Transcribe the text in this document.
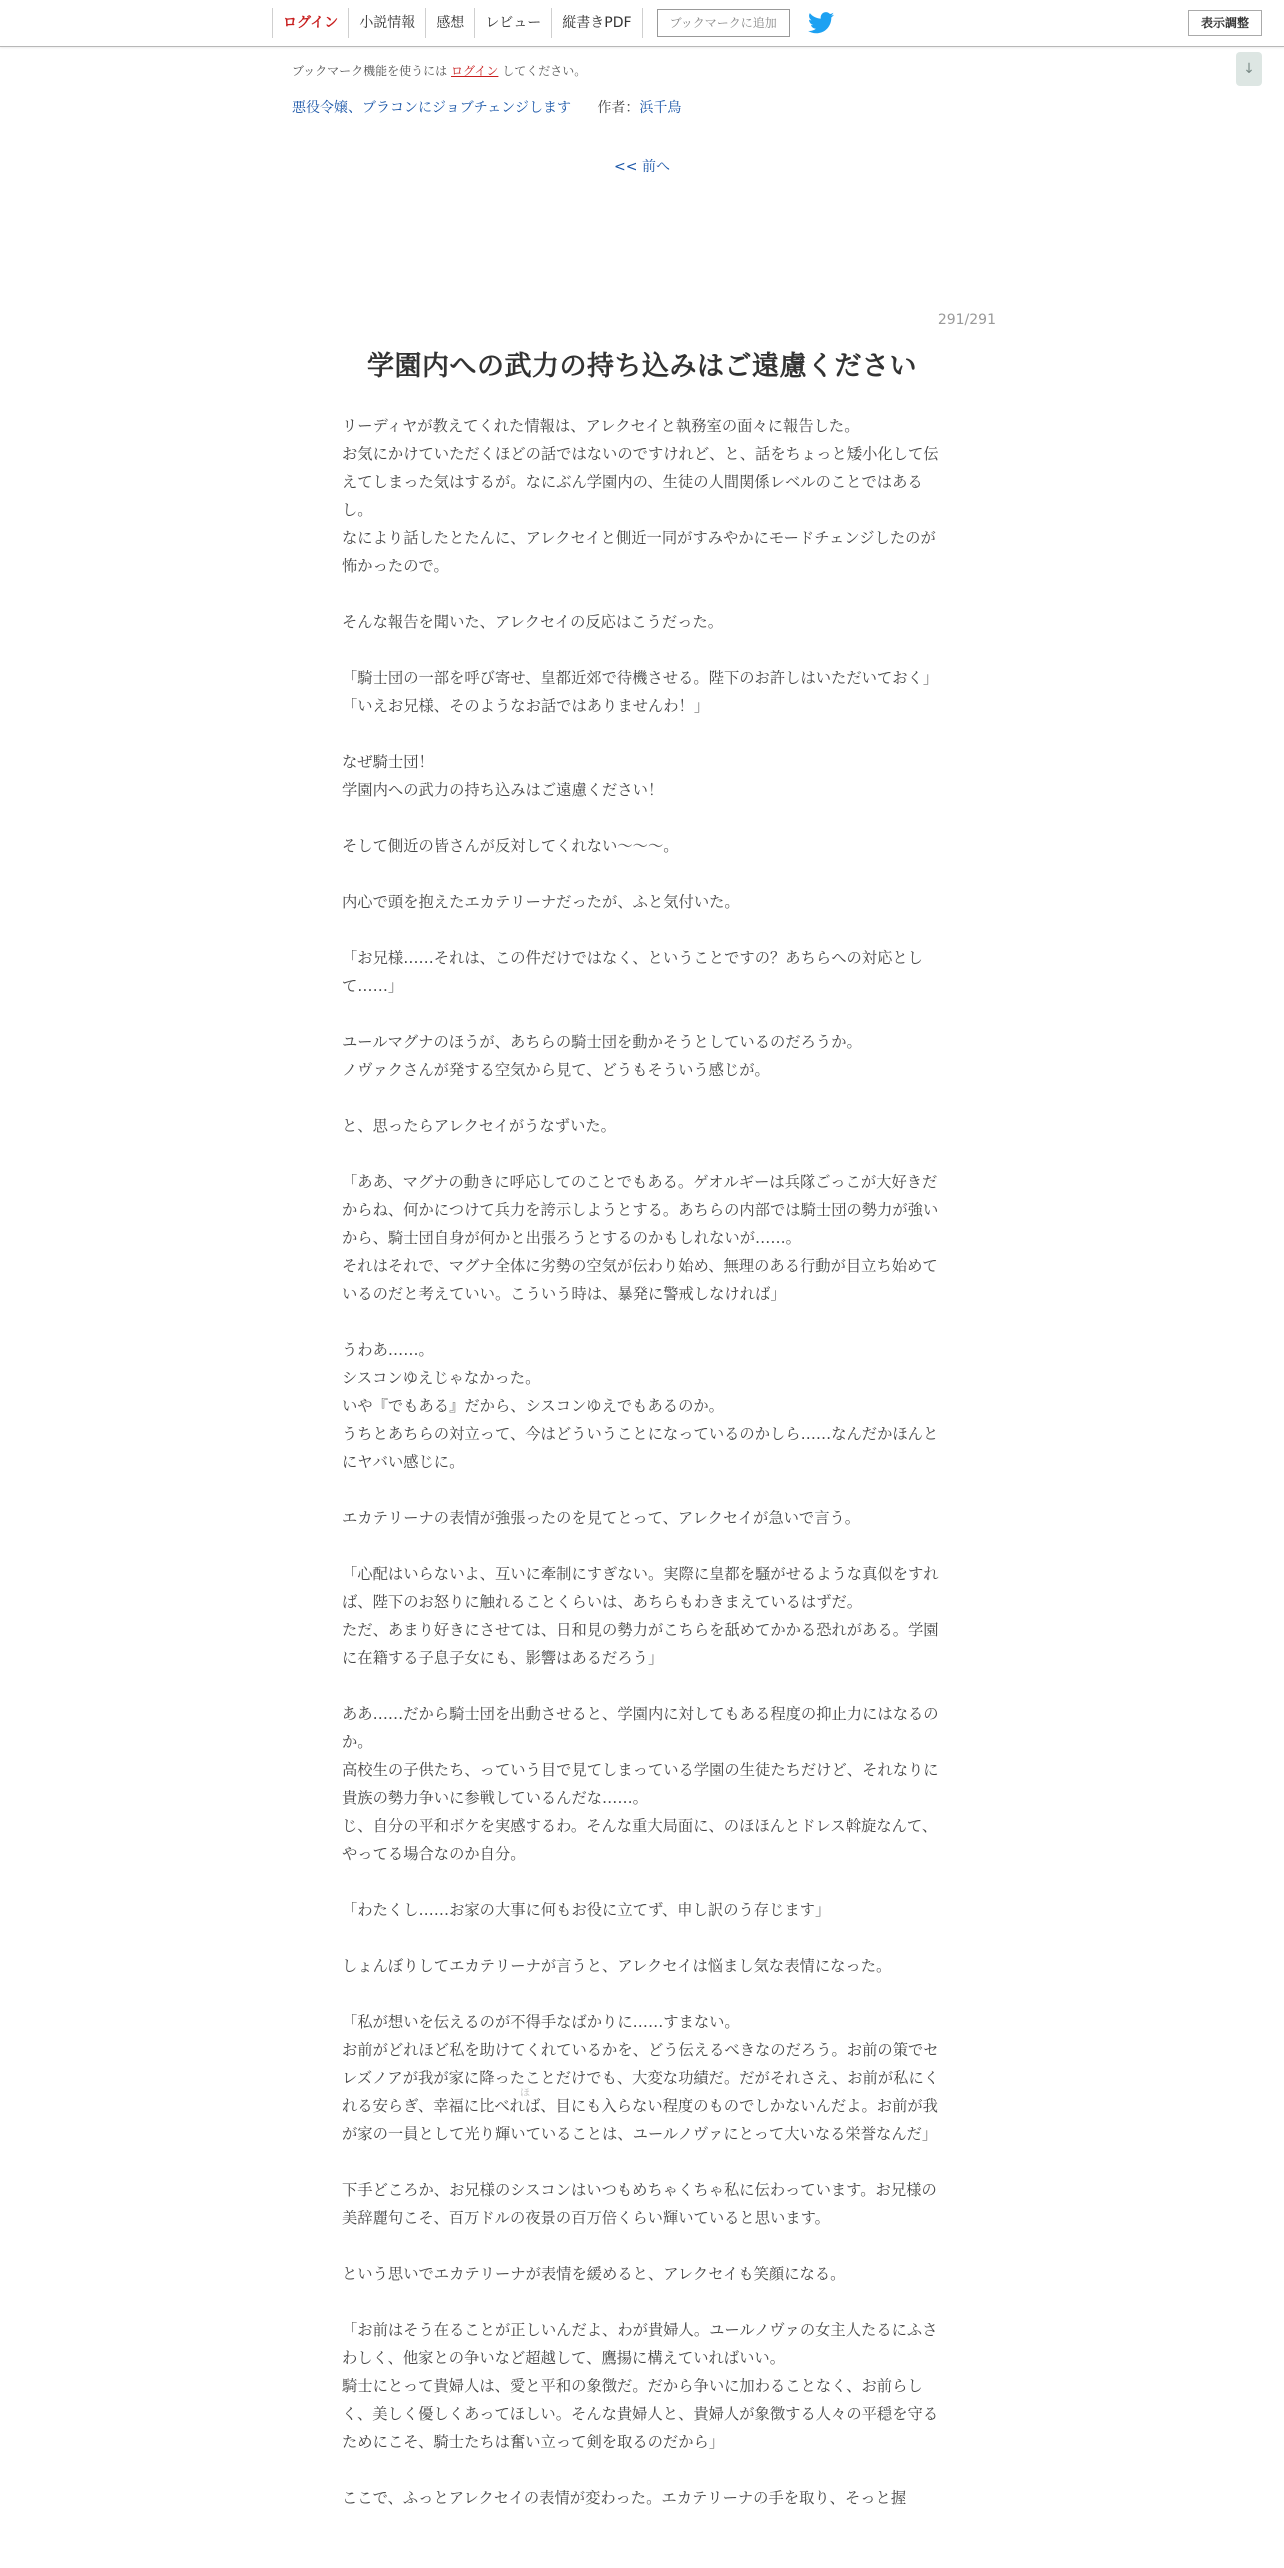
ログイン	小説情報	感想	レビュー	縦書きPDF	ブックマークに追加	表示調整
↓
ブックマーク機能を使うには ログイン してください。
悪役令嬢、ブラコンにジョブチェンジします 作者：浜千鳥
<< 前へ
291/291
学園内への武力の持ち込みはご遠慮ください

リーディヤが教えてくれた情報は、アレクセイと執務室の面々に報告した。

お気にかけていただくほどの話ではないのですけれど、と、話をちょっと矮小化して伝えてしまった気はするが。なにぶん学園内の、生徒の人間関係レベルのことではあるし。

なにより話したとたんに、アレクセイと側近一同がすみやかにモードチェンジしたのが怖かったので。

そんな報告を聞いた、アレクセイの反応はこうだった。

「騎士団の一部を呼び寄せ、皇都近郊で待機させる。陛下のお許しはいただいておく」

「いえお兄様、そのようなお話ではありませんわ！」

なぜ騎士団！

学園内への武力の持ち込みはご遠慮ください！

そして側近の皆さんが反対してくれない〜〜〜。

内心で頭を抱えたエカテリーナだったが、ふと気付いた。

「お兄様……それは、この件だけではなく、ということですの？あちらへの対応として……」

ユールマグナのほうが、あちらの騎士団を動かそうとしているのだろうか。

ノヴァクさんが発する空気から見て、どうもそういう感じが。

と、思ったらアレクセイがうなずいた。

「ああ、マグナの動きに呼応してのことでもある。ゲオルギーは兵隊ごっこが大好きだからね、何かにつけて兵力を誇示しようとする。あちらの内部では騎士団の勢力が強いから、騎士団自身が何かと出張ろうとするのかもしれないが……。

それはそれで、マグナ全体に劣勢の空気が伝わり始め、無理のある行動が目立ち始めているのだと考えていい。こういう時は、暴発に警戒しなければ」

うわあ……。

シスコンゆえじゃなかった。

いや『でもある』だから、シスコンゆえでもあるのか。

うちとあちらの対立って、今はどういうことになっているのかしら……なんだかほんとにヤバい感じに。

エカテリーナの表情が強張ったのを見てとって、アレクセイが急いで言う。

「心配はいらないよ、互いに牽制にすぎない。実際に皇都を騒がせるような真似をすれば、陛下のお怒りに触れることくらいは、あちらもわきまえているはずだ。

ただ、あまり好きにさせては、日和見の勢力がこちらを舐めてかかる恐れがある。学園に在籍する子息子女にも、影響はあるだろう」

ああ……だから騎士団を出動させると、学園内に対してもある程度の抑止力にはなるのか。

高校生の子供たち、っていう目で見てしまっている学園の生徒たちだけど、それなりに貴族の勢力争いに参戦しているんだな……。

じ、自分の平和ボケを実感するわ。そんな重大局面に、のほほんとドレス斡旋なんて、やってる場合なのか自分。

「わたくし……お家の大事に何もお役に立てず、申し訳のう存じます」

しょんぼりしてエカテリーナが言うと、アレクセイは悩まし気な表情になった。

「私が想いを伝えるのが不得手なばかりに……すまない。

お前がどれほど私を助けてくれているかを、どう伝えるべきなのだろう。お前の策でセレズノアが我が家に降ったことだけでも、大変な功績だ。だがそれさえ、お前が私にくれる安らぎ、幸福に比べれば、目にも入らない程度のものでしかないんだよ。お前が我が家の一員として光り輝いていることは、ユールノヴァにとって大いなる栄誉なんだ」

下手どころか、お兄様のシスコンはいつもめちゃくちゃ私に伝わっています。お兄様の美辞麗句こそ、百万ドルの夜景の百万倍くらい輝いていると思います。

という思いでエカテリーナが表情を緩めると、アレクセイも笑顔になる。

「お前はそう在ることが正しいんだよ、わが貴婦人。ユールノヴァの女主人たるにふさわしく、他家との争いなど超越して、鷹揚に構えていればいい。

騎士にとって貴婦人は、愛と平和の象徴だ。だから争いに加わることなく、お前らしく、美しく優しくあってほしい。そんな貴婦人と、貴婦人が象徴する人々の平穏を守るためにこそ、騎士たちは奮い立って剣を取るのだから」

ここで、ふっとアレクセイの表情が変わった。エカテリーナの手を取り、そっと握

ほ
